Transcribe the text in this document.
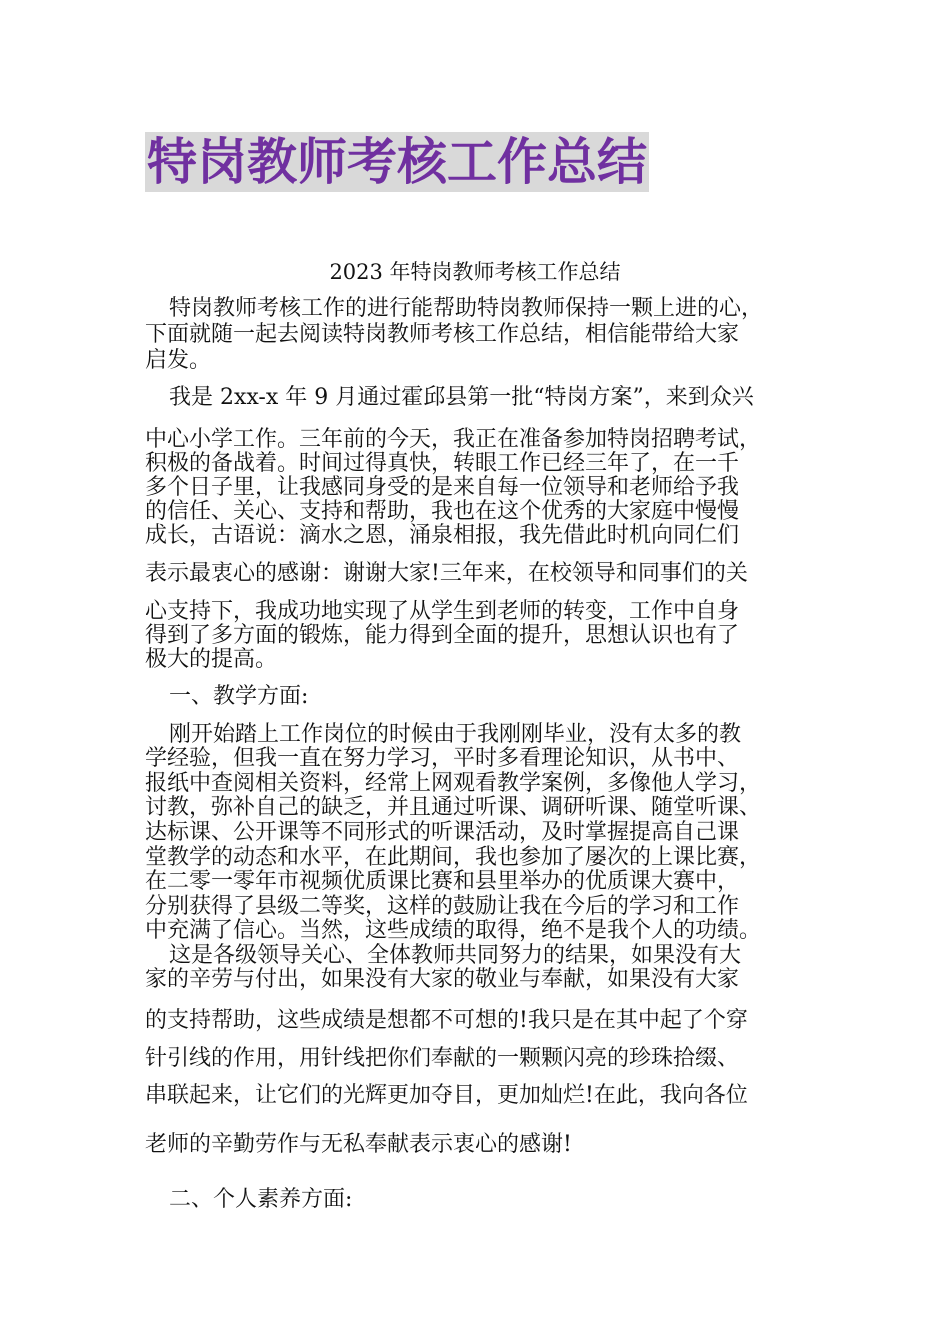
特岗教师考核工作总结
2023 年特岗教师考核工作总结
特岗教师考核工作的进行能帮助特岗教师保持一颗上进的心，
下面就随一起去阅读特岗教师考核工作总结，相信能带给大家
启发。
我是 2xx-x 年 9 月通过霍邱县第一批“特岗方案”，来到众兴
中心小学工作。三年前的今天，我正在准备参加特岗招聘考试，
积极的备战着。时间过得真快，转眼工作已经三年了，在一千
多个日子里，让我感同身受的是来自每一位领导和老师给予我
的信任、关心、支持和帮助，我也在这个优秀的大家庭中慢慢
成长，古语说：滴水之恩，涌泉相报，我先借此时机向同仁们
表示最衷心的感谢：谢谢大家!三年来，在校领导和同事们的关
心支持下，我成功地实现了从学生到老师的转变，工作中自身
得到了多方面的锻炼，能力得到全面的提升，思想认识也有了
极大的提高。
一、教学方面:
刚开始踏上工作岗位的时候由于我刚刚毕业，没有太多的教
学经验，但我一直在努力学习，平时多看理论知识，从书中、
报纸中查阅相关资料，经常上网观看教学案例，多像他人学习，
讨教，弥补自己的缺乏，并且通过听课、调研听课、随堂听课、
达标课、公开课等不同形式的听课活动，及时掌握提高自己课
堂教学的动态和水平，在此期间，我也参加了屡次的上课比赛，
在二零一零年市视频优质课比赛和县里举办的优质课大赛中，
分别获得了县级二等奖，这样的鼓励让我在今后的学习和工作
中充满了信心。当然，这些成绩的取得，绝不是我个人的功绩。
这是各级领导关心、全体教师共同努力的结果，如果没有大
家的辛劳与付出，如果没有大家的敬业与奉献，如果没有大家
的支持帮助，这些成绩是想都不可想的!我只是在其中起了个穿
针引线的作用，用针线把你们奉献的一颗颗闪亮的珍珠拾缀、
串联起来，让它们的光辉更加夺目，更加灿烂!在此，我向各位
老师的辛勤劳作与无私奉献表示衷心的感谢!
二、个人素养方面:
